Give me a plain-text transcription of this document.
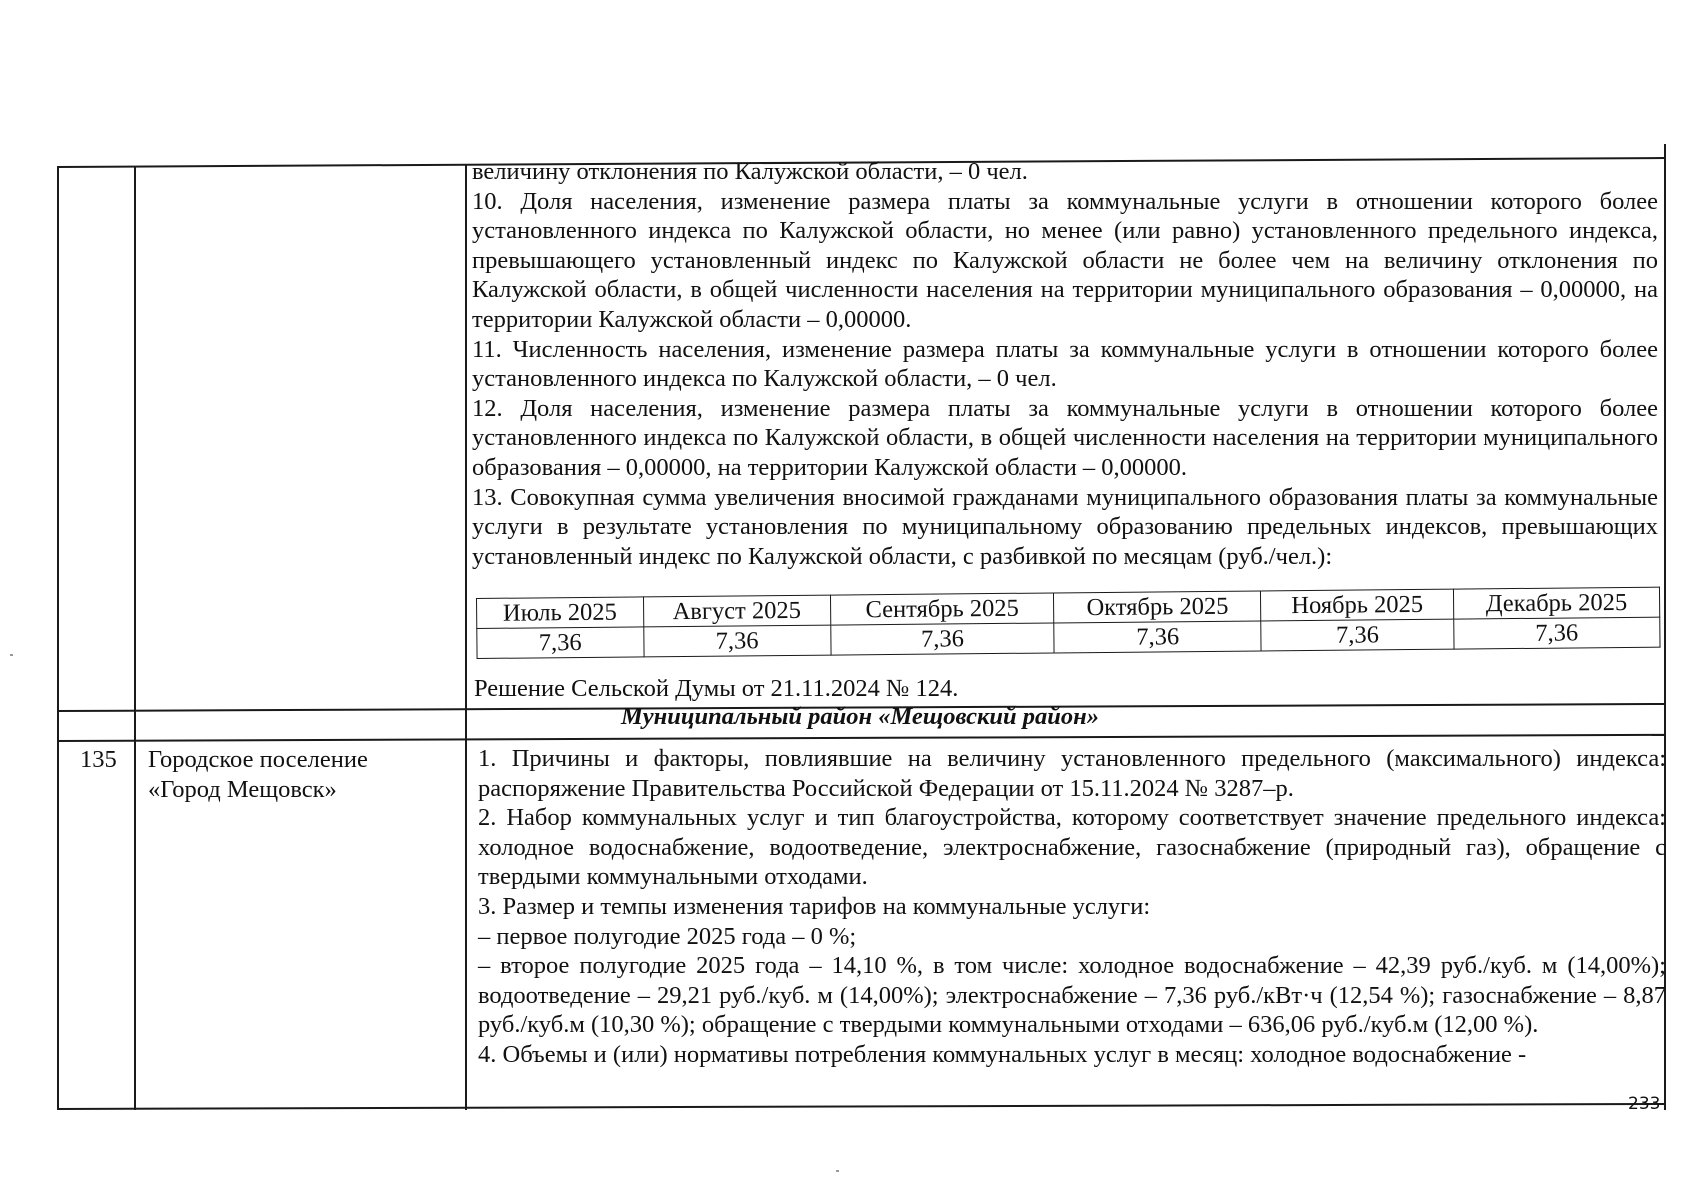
величину отклонения по Калужской области, – 0 чел.

10. Доля населения, изменение размера платы за коммунальные услуги в отношении которого более установленного индекса по Калужской области, но менее (или равно) установленного предельного индекса, превышающего установленный индекс по Калужской области не более чем на величину отклонения по Калужской области, в общей численности населения на территории муниципального образования – 0,00000, на территории Калужской области – 0,00000.

11. Численность населения, изменение размера платы за коммунальные услуги в отношении которого более установленного индекса по Калужской области, – 0 чел.

12. Доля населения, изменение размера платы за коммунальные услуги в отношении которого более установленного индекса по Калужской области, в общей численности населения на территории муниципального образования – 0,00000, на территории Калужской области – 0,00000.

13. Совокупная сумма увеличения вносимой гражданами муниципального образования платы за коммунальные услуги в результате установления по муниципальному образованию предельных индексов, превышающих установленный индекс по Калужской области, с разбивкой по месяцам (руб./чел.):

Июль 2025	Август 2025	Сентябрь 2025	Октябрь 2025	Ноябрь 2025	Декабрь 2025
7,36	7,36	7,36	7,36	7,36	7,36
Решение Сельской Думы от 21.11.2024 № 124.
Муниципальный район «Мещовский район»
135 Городское поселение
«Город Мещовск»

1. Причины и факторы, повлиявшие на величину установленного предельного (максимального) индекса: распоряжение Правительства Российской Федерации от 15.11.2024 № 3287–р.

2. Набор коммунальных услуг и тип благоустройства, которому соответствует значение предельного индекса: холодное водоснабжение, водоотведение, электроснабжение, газоснабжение (природный газ), обращение с твердыми коммунальными отходами.

3. Размер и темпы изменения тарифов на коммунальные услуги:

– первое полугодие 2025 года – 0 %;

– второе полугодие 2025 года – 14,10 %, в том числе: холодное водоснабжение – 42,39 руб./куб. м (14,00%); водоотведение – 29,21 руб./куб. м (14,00%); электроснабжение – 7,36 руб./кВт·ч (12,54 %); газоснабжение – 8,87 руб./куб.м (10,30 %); обращение с твердыми коммунальными отходами – 636,06 руб./куб.м (12,00 %).

4. Объемы и (или) нормативы потребления коммунальных услуг в месяц: холодное водоснабжение -

233
